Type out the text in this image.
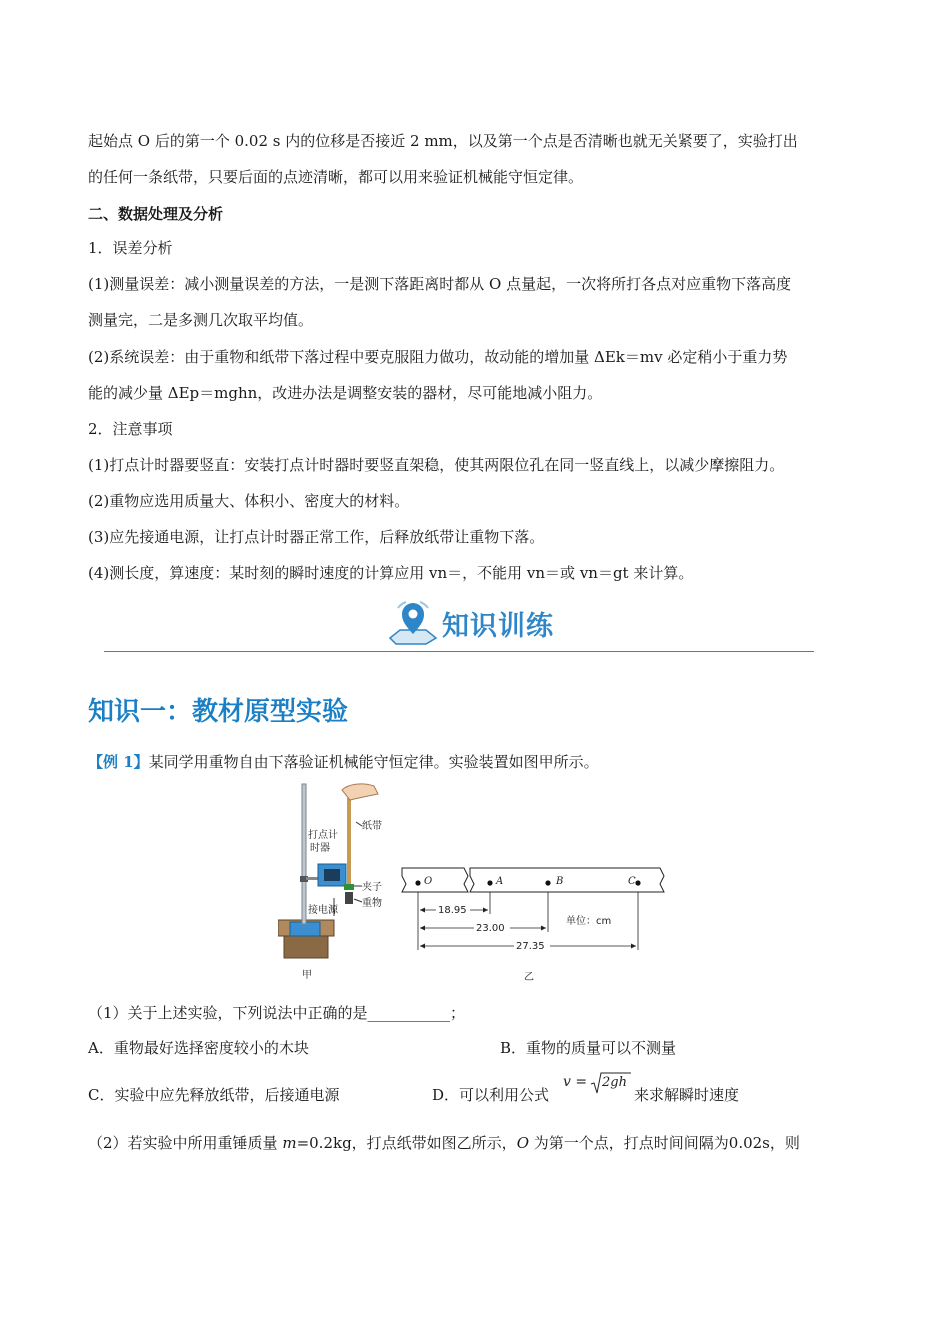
起始点 O 后的第一个 0.02 s 内的位移是否接近 2 mm，以及第一个点是否清晰也就无关紧要了，实验打出
的任何一条纸带，只要后面的点迹清晰，都可以用来验证机械能守恒定律。
二、数据处理及分析
1．误差分析
(1)测量误差：减小测量误差的方法，一是测下落距离时都从 O 点量起，一次将所打各点对应重物下落高度
测量完，二是多测几次取平均值。
(2)系统误差：由于重物和纸带下落过程中要克服阻力做功，故动能的增加量 ΔEk＝mv 必定稍小于重力势
能的减少量 ΔEp＝mghn，改进办法是调整安装的器材，尽可能地减小阻力。
2．注意事项
(1)打点计时器要竖直：安装打点计时器时要竖直架稳，使其两限位孔在同一竖直线上，以减少摩擦阻力。
(2)重物应选用质量大、体积小、密度大的材料。
(3)应先接通电源，让打点计时器正常工作，后释放纸带让重物下落。
(4)测长度，算速度：某时刻的瞬时速度的计算应用 vn＝，不能用 vn＝或 vn＝gt 来计算。
知识训练
知识一：教材原型实验
【例 1】某同学用重物自由下落验证机械能守恒定律。实验装置如图甲所示。
打点计
时器
纸带
夹子
重物
接电源
甲
O	A	B	C
18.95
23.00
27.35
单位：cm
乙
（1）关于上述实验，下列说法中正确的是___________；
A．重物最好选择密度较小的木块	B．重物的质量可以不测量
C．实验中应先释放纸带，后接通电源	D．可以利用公式
v = 2gh
来求解瞬时速度
（2）若实验中所用重锤质量 m=0.2kg，打点纸带如图乙所示，O 为第一个点，打点时间间隔为0.02s，则
